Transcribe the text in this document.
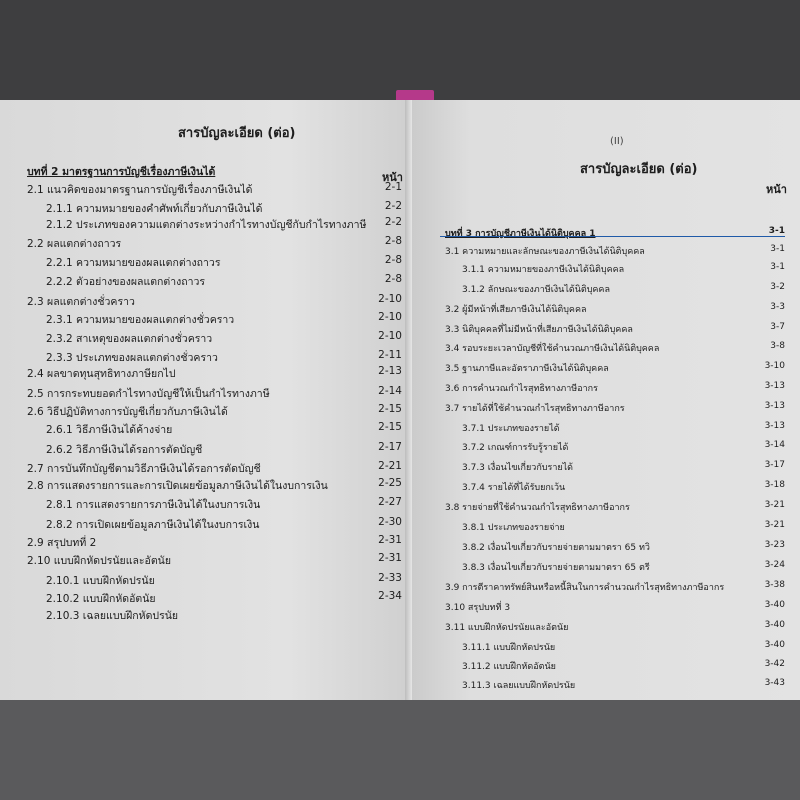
สารบัญละเอียด (ต่อ)
บทที่ 2 มาตรฐานการบัญชีเรื่องภาษีเงินได้	หน้า
2.1 แนวคิดของมาตรฐานการบัญชีเรื่องภาษีเงินได้	2-1
2.1.1 ความหมายของคำศัพท์เกี่ยวกับภาษีเงินได้	2-2
2.1.2 ประเภทของความแตกต่างระหว่างกำไรทางบัญชีกับกำไรทางภาษี 2-2
2.2 ผลแตกต่างถาวร	2-8
2.2.1 ความหมายของผลแตกต่างถาวร	2-8
2.2.2 ตัวอย่างของผลแตกต่างถาวร	2-8
2.3 ผลแตกต่างชั่วคราว	2-10
2.3.1 ความหมายของผลแตกต่างชั่วคราว	2-10
2.3.2 สาเหตุของผลแตกต่างชั่วคราว	2-10
2.3.3 ประเภทของผลแตกต่างชั่วคราว	2-11
2.4 ผลขาดทุนสุทธิทางภาษียกไป	2-13
2.5 การกระทบยอดกำไรทางบัญชีให้เป็นกำไรทางภาษี	2-14
2.6 วิธีปฏิบัติทางการบัญชีเกี่ยวกับภาษีเงินได้	2-15
2.6.1 วิธีภาษีเงินได้ค้างจ่าย	2-15
2.6.2 วิธีภาษีเงินได้รอการตัดบัญชี	2-17
2.7 การบันทึกบัญชีตามวิธีภาษีเงินได้รอการตัดบัญชี	2-21
2.8 การแสดงรายการและการเปิดเผยข้อมูลภาษีเงินได้ในงบการเงิน	2-25
2.8.1 การแสดงรายการภาษีเงินได้ในงบการเงิน	2-27
2.8.2 การเปิดเผยข้อมูลภาษีเงินได้ในงบการเงิน	2-30
2.9 สรุปบทที่ 2	2-31
2.10 แบบฝึกหัดปรนัยและอัตนัย	2-31
2.10.1 แบบฝึกหัดปรนัย	2-33
2.10.2 แบบฝึกหัดอัตนัย	2-34
2.10.3 เฉลยแบบฝึกหัดปรนัย
(II)
สารบัญละเอียด (ต่อ)
หน้า
บทที่ 3 การบัญชีภาษีเงินได้นิติบุคคล 1	3-1
3.1 ความหมายและลักษณะของภาษีเงินได้นิติบุคคล	3-1
3.1.1 ความหมายของภาษีเงินได้นิติบุคคล	3-1
3.1.2 ลักษณะของภาษีเงินได้นิติบุคคล	3-2
3.2 ผู้มีหน้าที่เสียภาษีเงินได้นิติบุคคล	3-3
3.3 นิติบุคคลที่ไม่มีหน้าที่เสียภาษีเงินได้นิติบุคคล	3-7
3.4 รอบระยะเวลาบัญชีที่ใช้คำนวณภาษีเงินได้นิติบุคคล	3-8
3.5 ฐานภาษีและอัตราภาษีเงินได้นิติบุคคล	3-10
3.6 การคำนวณกำไรสุทธิทางภาษีอากร	3-13
3.7 รายได้ที่ใช้คำนวณกำไรสุทธิทางภาษีอากร	3-13
3.7.1 ประเภทของรายได้	3-13
3.7.2 เกณฑ์การรับรู้รายได้	3-14
3.7.3 เงื่อนไขเกี่ยวกับรายได้	3-17
3.7.4 รายได้ที่ได้รับยกเว้น	3-18
3.8 รายจ่ายที่ใช้คำนวณกำไรสุทธิทางภาษีอากร	3-21
3.8.1 ประเภทของรายจ่าย	3-21
3.8.2 เงื่อนไขเกี่ยวกับรายจ่ายตามมาตรา 65 ทวิ	3-23
3.8.3 เงื่อนไขเกี่ยวกับรายจ่ายตามมาตรา 65 ตรี	3-24
3.9 การตีราคาทรัพย์สินหรือหนี้สินในการคำนวณกำไรสุทธิทางภาษีอากร	3-38
3.10 สรุปบทที่ 3	3-40
3.11 แบบฝึกหัดปรนัยและอัตนัย	3-40
3.11.1 แบบฝึกหัดปรนัย	3-40
3.11.2 แบบฝึกหัดอัตนัย	3-42
3.11.3 เฉลยแบบฝึกหัดปรนัย	3-43
